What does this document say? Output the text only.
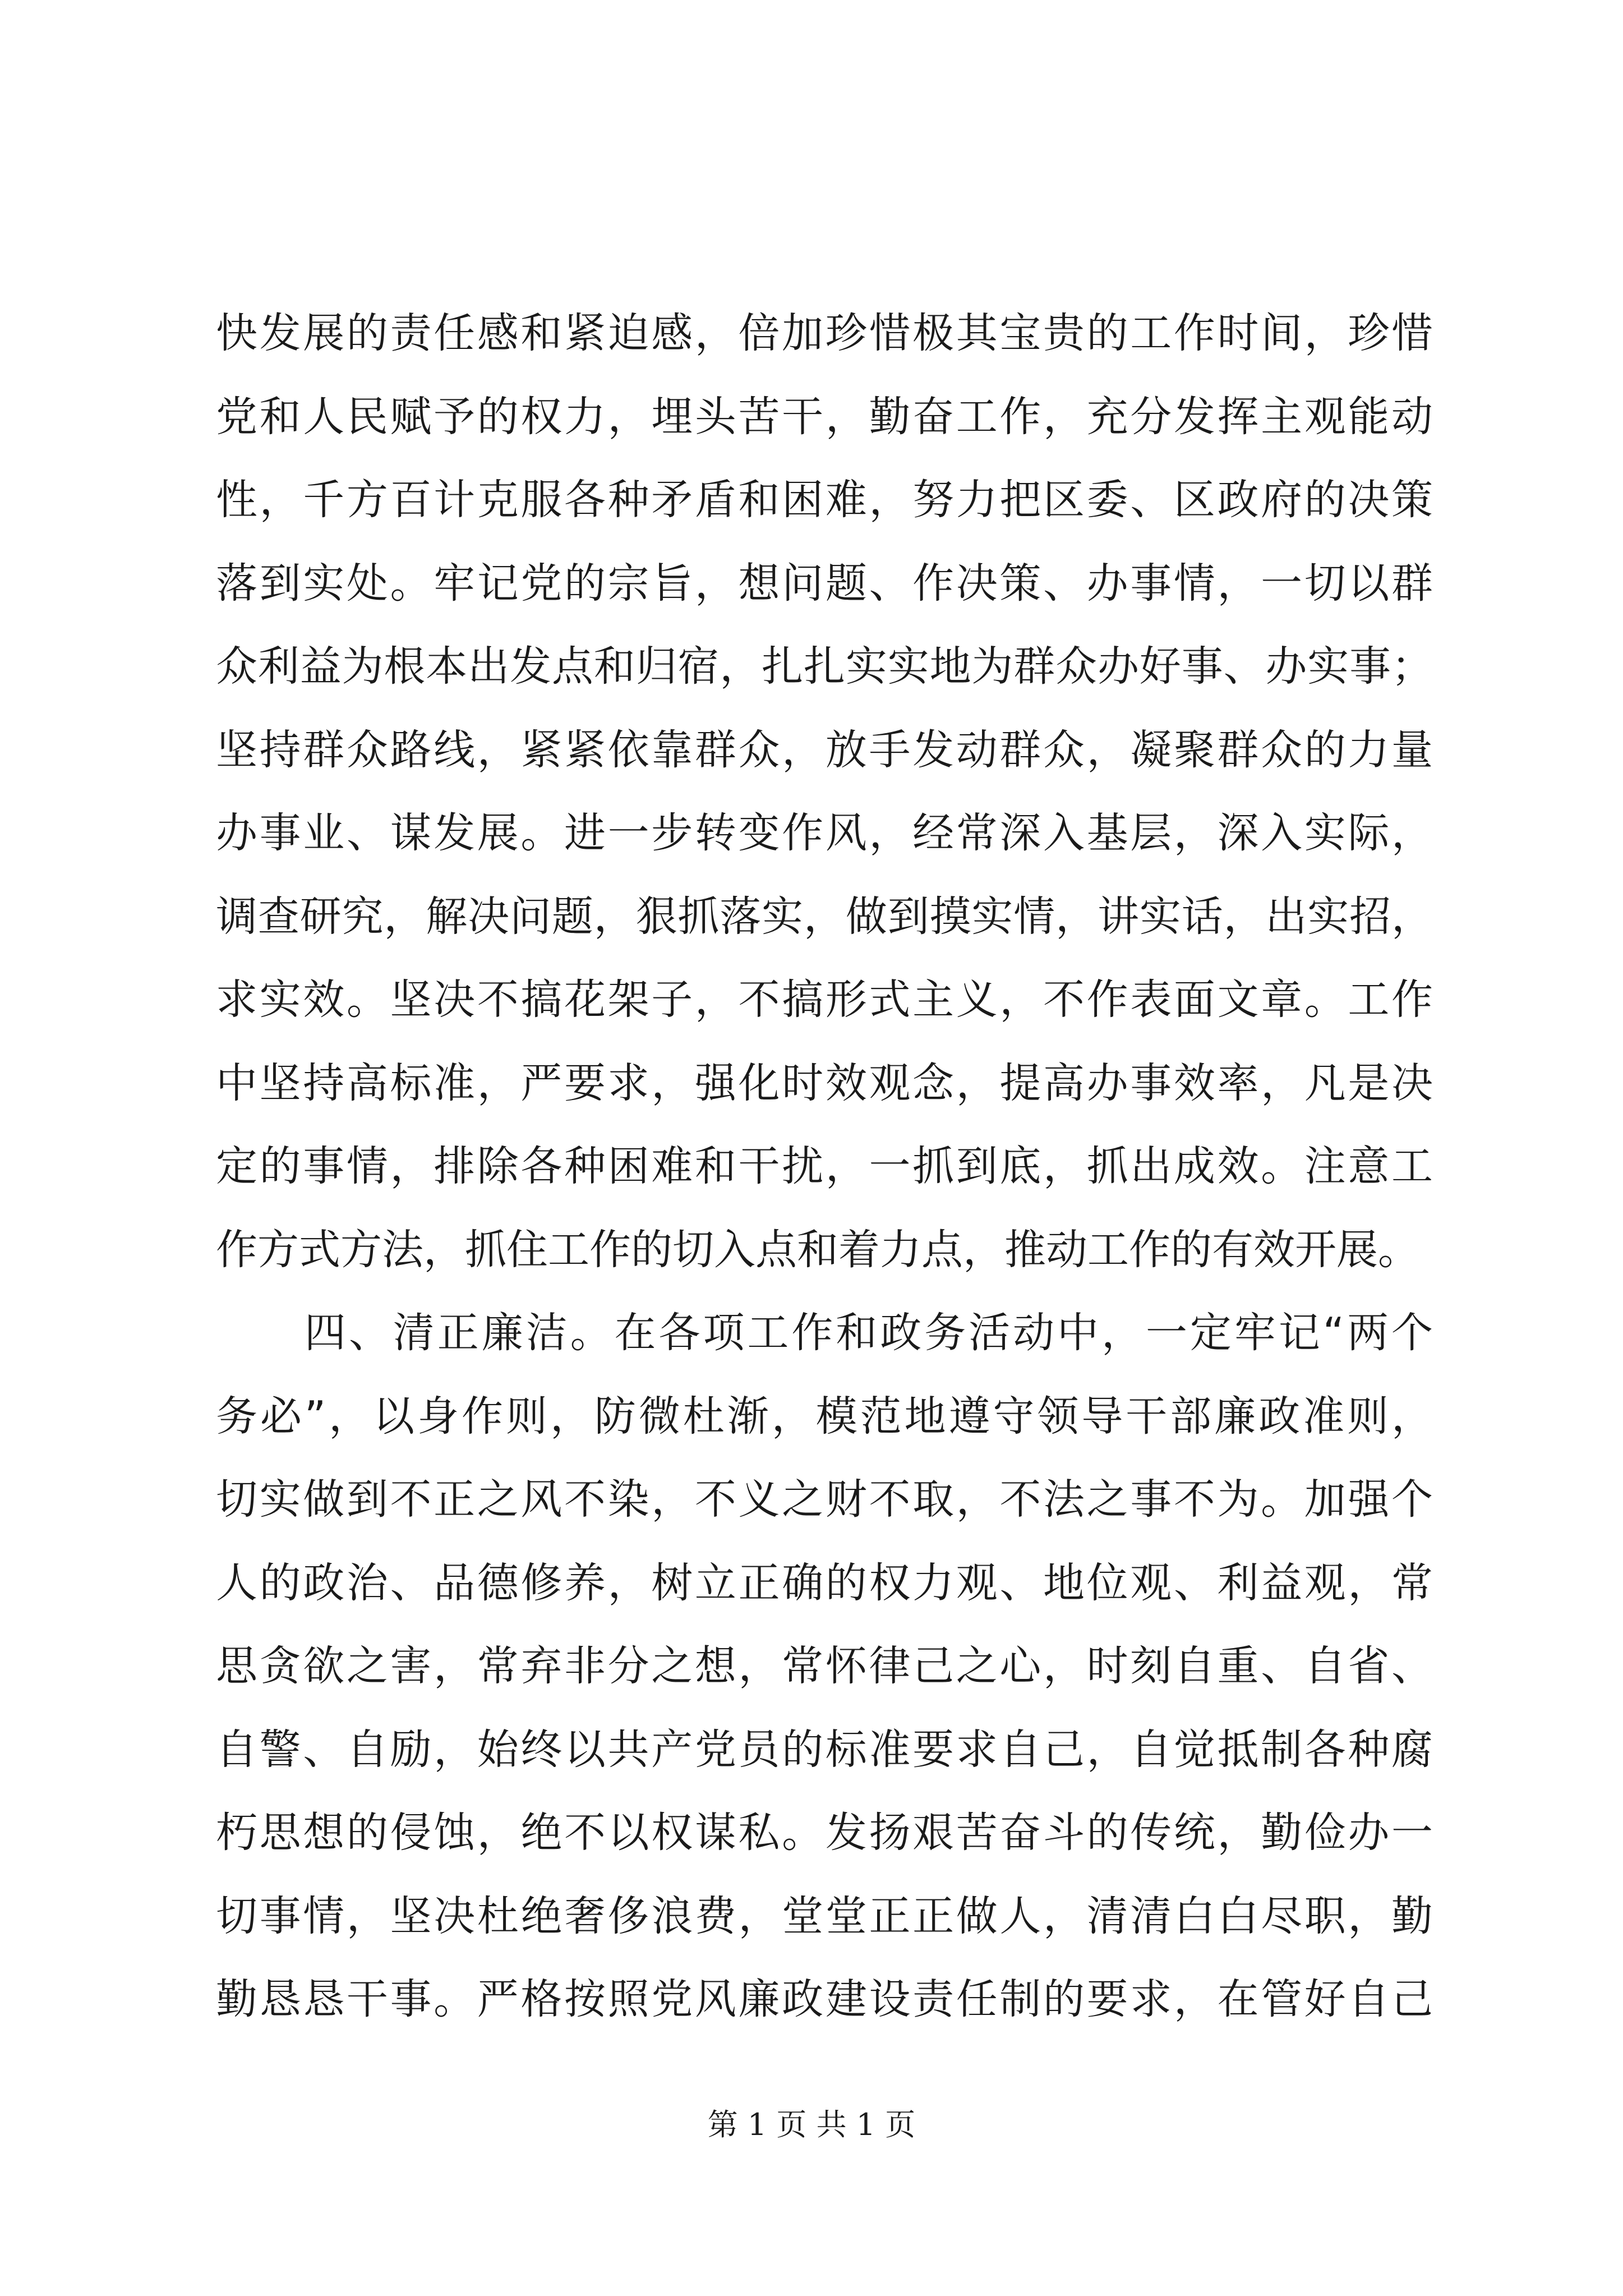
快发展的责任感和紧迫感，倍加珍惜极其宝贵的工作时间，珍惜
党和人民赋予的权力，埋头苦干，勤奋工作，充分发挥主观能动
性，千方百计克服各种矛盾和困难，努力把区委、区政府的决策
落到实处。牢记党的宗旨，想问题、作决策、办事情，一切以群
众利益为根本出发点和归宿，扎扎实实地为群众办好事、办实事；
坚持群众路线，紧紧依靠群众，放手发动群众，凝聚群众的力量
办事业、谋发展。进一步转变作风，经常深入基层，深入实际，
调查研究，解决问题，狠抓落实，做到摸实情，讲实话，出实招，
求实效。坚决不搞花架子，不搞形式主义，不作表面文章。工作
中坚持高标准，严要求，强化时效观念，提高办事效率，凡是决
定的事情，排除各种困难和干扰，一抓到底，抓出成效。注意工
作方式方法，抓住工作的切入点和着力点，推动工作的有效开展。
　　四、清正廉洁。在各项工作和政务活动中，一定牢记“两个
务必”，以身作则，防微杜渐，模范地遵守领导干部廉政准则，
切实做到不正之风不染，不义之财不取，不法之事不为。加强个
人的政治、品德修养，树立正确的权力观、地位观、利益观，常
思贪欲之害，常弃非分之想，常怀律己之心，时刻自重、自省、
自警、自励，始终以共产党员的标准要求自己，自觉抵制各种腐
朽思想的侵蚀，绝不以权谋私。发扬艰苦奋斗的传统，勤俭办一
切事情，坚决杜绝奢侈浪费，堂堂正正做人，清清白白尽职，勤
勤恳恳干事。严格按照党风廉政建设责任制的要求，在管好自己
第 1 页 共 1 页
